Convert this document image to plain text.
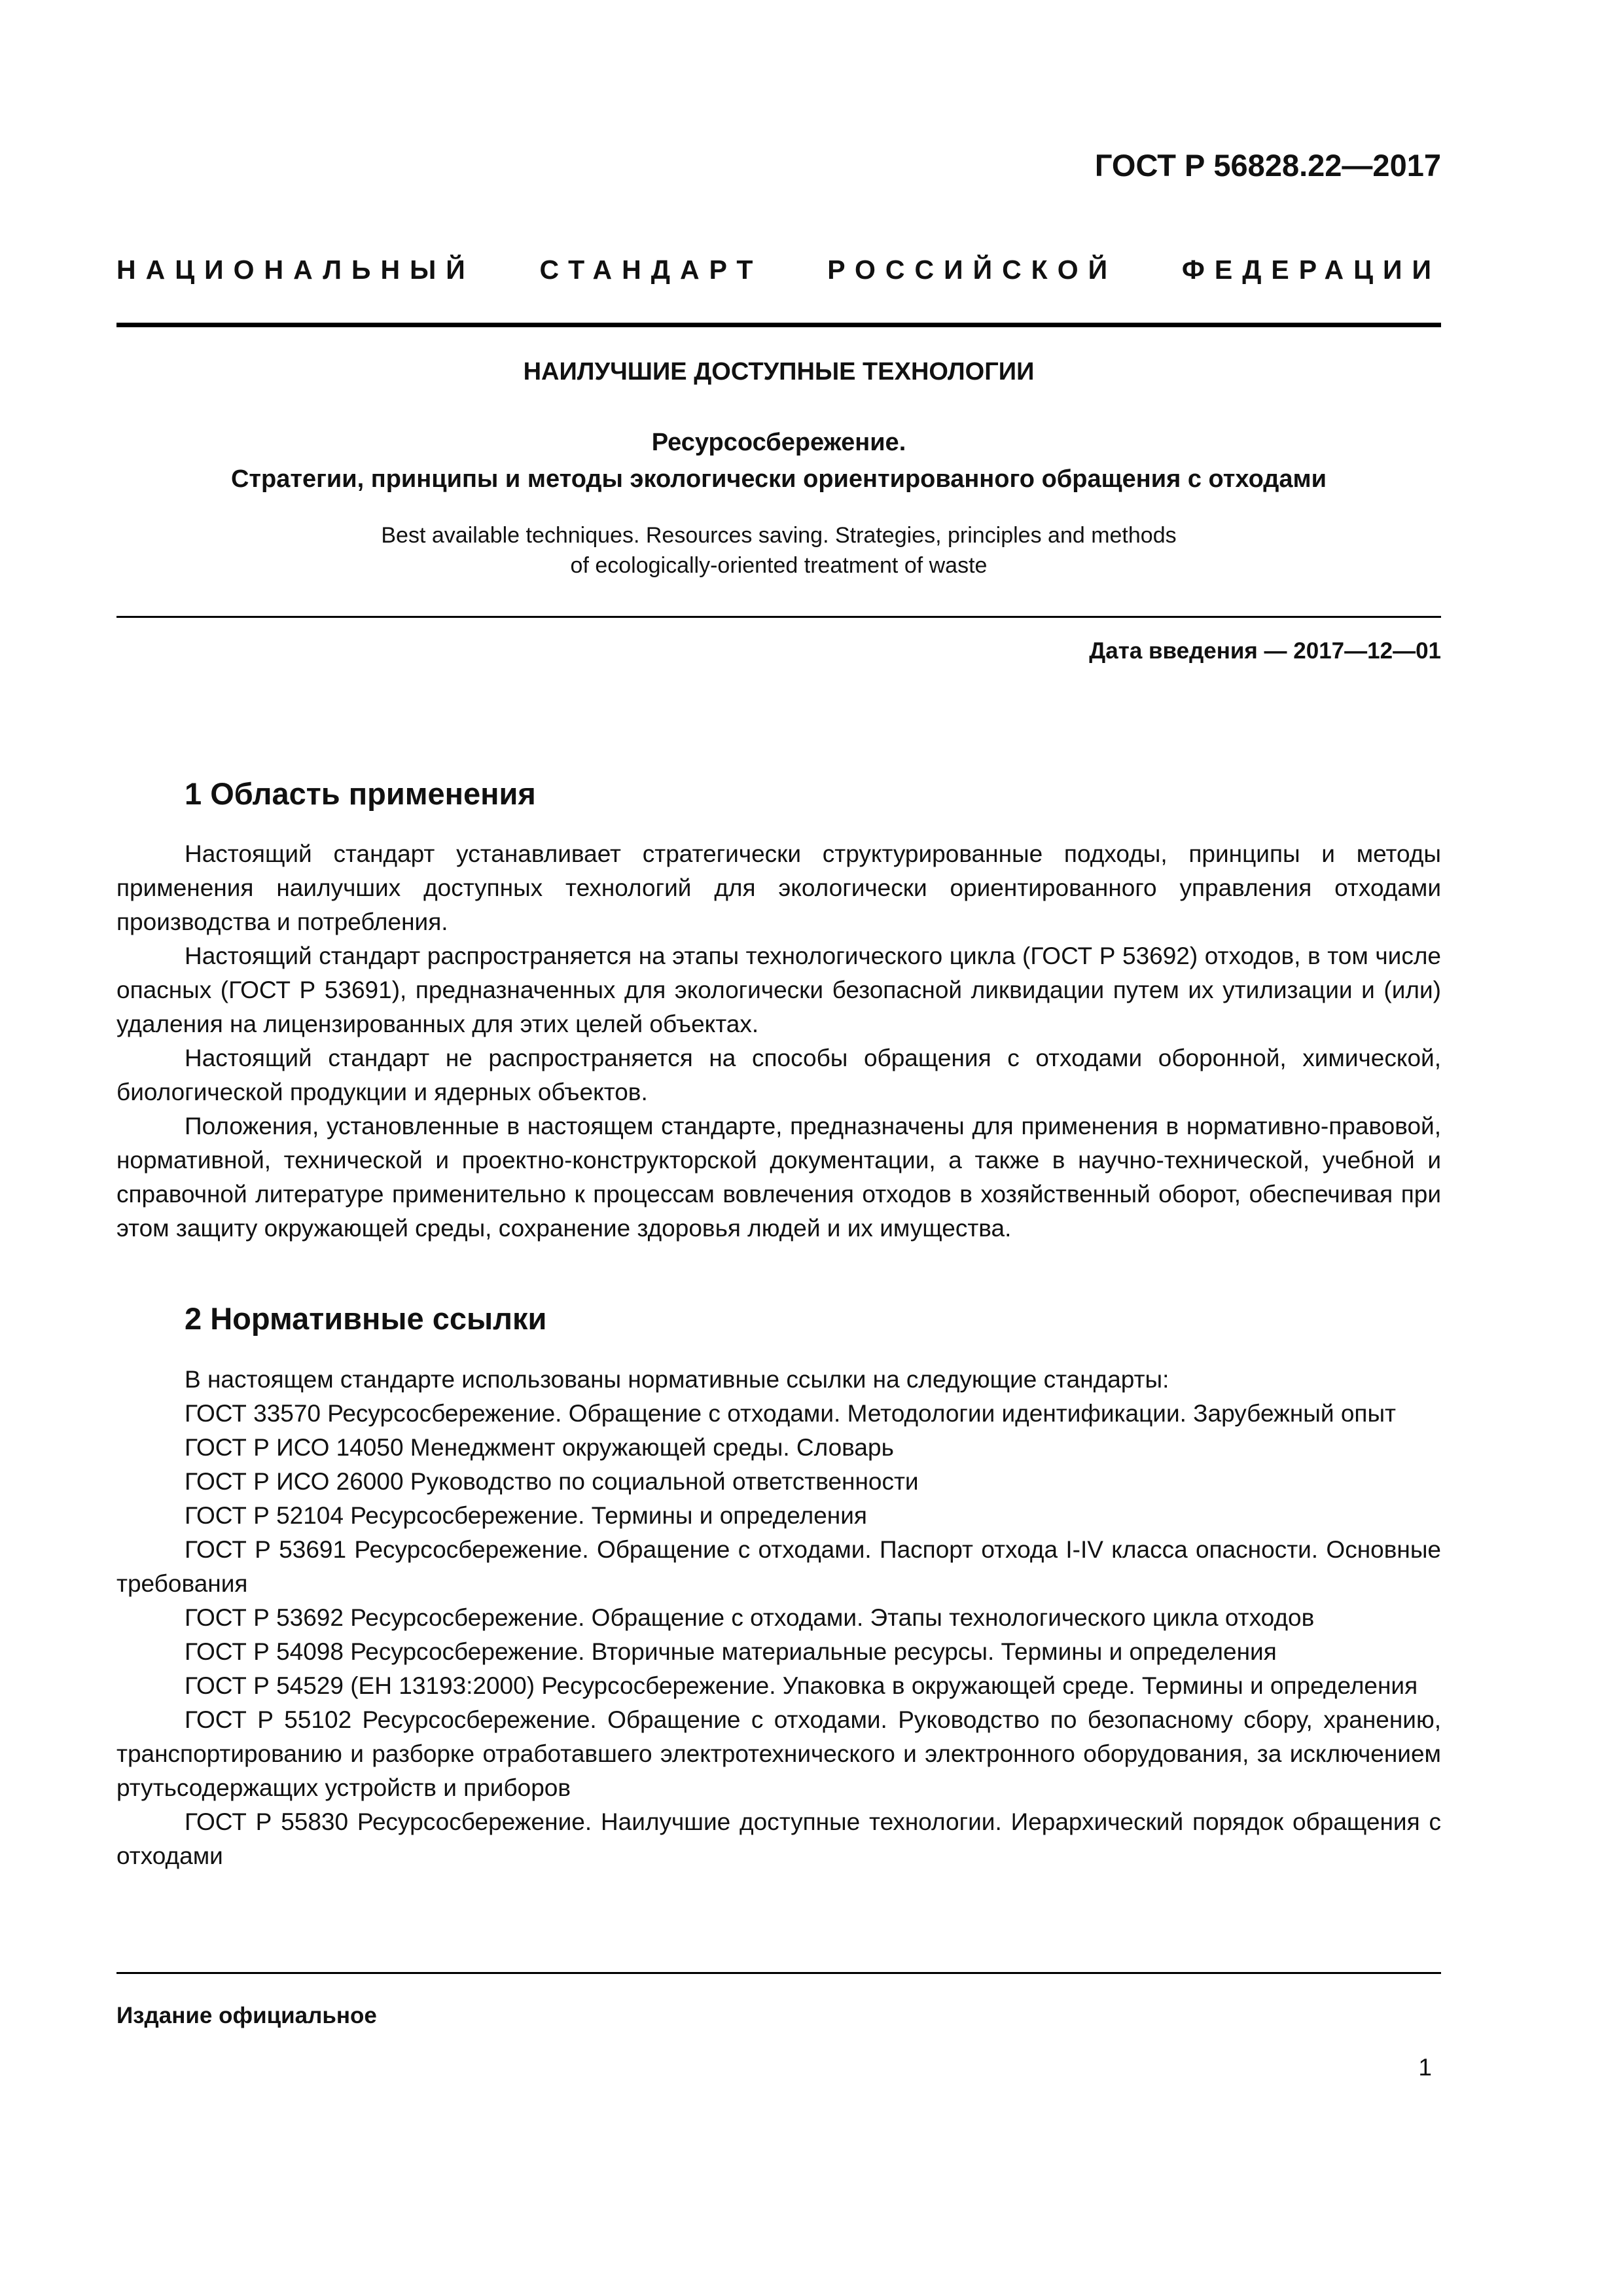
ГОСТ Р 56828.22—2017
НАЦИОНАЛЬНЫЙ СТАНДАРТ РОССИЙСКОЙ ФЕДЕРАЦИИ
НАИЛУЧШИЕ ДОСТУПНЫЕ ТЕХНОЛОГИИ
Ресурсосбережение.
Стратегии, принципы и методы экологически ориентированного обращения с отходами
Best available techniques. Resources saving. Strategies, principles and methods
of ecologically-oriented treatment of waste
Дата введения — 2017—12—01
1 Область применения

Настоящий стандарт устанавливает стратегически структурированные подходы, принципы и методы применения наилучших доступных технологий для экологически ориентированного управления отходами производства и потребления.

Настоящий стандарт распространяется на этапы технологического цикла (ГОСТ Р 53692) отходов, в том числе опасных (ГОСТ Р 53691), предназначенных для экологически безопасной ликвидации путем их утилизации и (или) удаления на лицензированных для этих целей объектах.

Настоящий стандарт не распространяется на способы обращения с отходами оборонной, химической, биологической продукции и ядерных объектов.

Положения, установленные в настоящем стандарте, предназначены для применения в нормативно-правовой, нормативной, технической и проектно-конструкторской документации, а также в научно-технической, учебной и справочной литературе применительно к процессам вовлечения отходов в хозяйственный оборот, обеспечивая при этом защиту окружающей среды, сохранение здоровья людей и их имущества.

2 Нормативные ссылки

В настоящем стандарте использованы нормативные ссылки на следующие стандарты:

ГОСТ 33570 Ресурсосбережение. Обращение с отходами. Методологии идентификации. Зарубежный опыт

ГОСТ Р ИСО 14050 Менеджмент окружающей среды. Словарь

ГОСТ Р ИСО 26000 Руководство по социальной ответственности

ГОСТ Р 52104 Ресурсосбережение. Термины и определения

ГОСТ Р 53691 Ресурсосбережение. Обращение с отходами. Паспорт отхода I-IV класса опасности. Основные требования

ГОСТ Р 53692 Ресурсосбережение. Обращение с отходами. Этапы технологического цикла отходов

ГОСТ Р 54098 Ресурсосбережение. Вторичные материальные ресурсы. Термины и определения

ГОСТ Р 54529 (ЕН 13193:2000) Ресурсосбережение. Упаковка в окружающей среде. Термины и определения

ГОСТ Р 55102 Ресурсосбережение. Обращение с отходами. Руководство по безопасному сбору, хранению, транспортированию и разборке отработавшего электротехнического и электронного оборудования, за исключением ртутьсодержащих устройств и приборов

ГОСТ Р 55830 Ресурсосбережение. Наилучшие доступные технологии. Иерархический порядок обращения с отходами

Издание официальное
1
